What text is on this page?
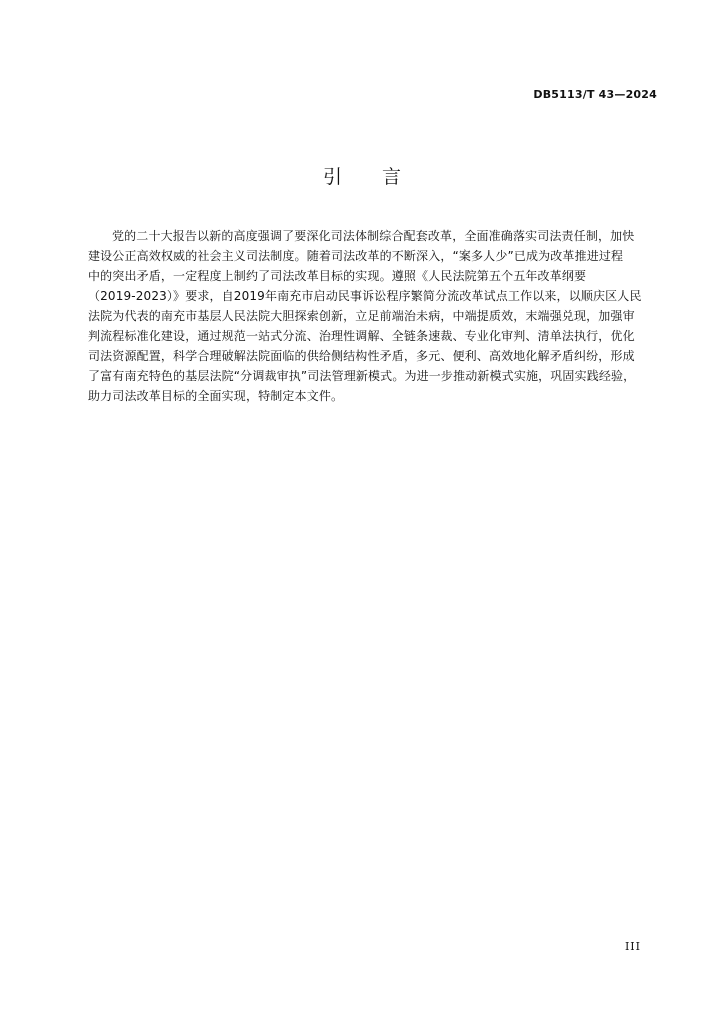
DB5113/T 43—2024
引 言
党的二十大报告以新的高度强调了要深化司法体制综合配套改革，全面准确落实司法责任制，加快
建设公正高效权威的社会主义司法制度。随着司法改革的不断深入，“案多人少”已成为改革推进过程
中的突出矛盾，一定程度上制约了司法改革目标的实现。遵照《人民法院第五个五年改革纲要
（2019-2023）》要求，自2019年南充市启动民事诉讼程序繁简分流改革试点工作以来，以顺庆区人民
法院为代表的南充市基层人民法院大胆探索创新，立足前端治未病，中端提质效，末端强兑现，加强审
判流程标准化建设，通过规范一站式分流、治理性调解、全链条速裁、专业化审判、清单法执行，优化
司法资源配置，科学合理破解法院面临的供给侧结构性矛盾，多元、便利、高效地化解矛盾纠纷，形成
了富有南充特色的基层法院“分调裁审执”司法管理新模式。为进一步推动新模式实施，巩固实践经验，
助力司法改革目标的全面实现，特制定本文件。
III
